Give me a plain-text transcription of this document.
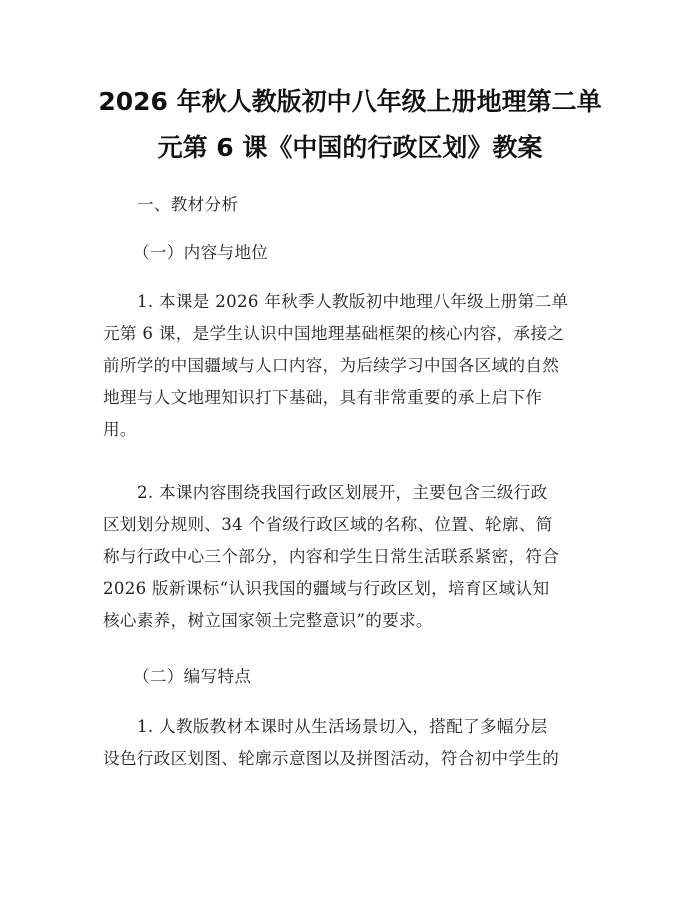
2026 年秋人教版初中八年级上册地理第二单
元第 6 课《中国的行政区划》教案
一、教材分析
（一）内容与地位
1. 本课是 2026 年秋季人教版初中地理八年级上册第二单
元第 6 课，是学生认识中国地理基础框架的核心内容，承接之
前所学的中国疆域与人口内容，为后续学习中国各区域的自然
地理与人文地理知识打下基础，具有非常重要的承上启下作
用。
2. 本课内容围绕我国行政区划展开，主要包含三级行政
区划划分规则、34 个省级行政区域的名称、位置、轮廓、简
称与行政中心三个部分，内容和学生日常生活联系紧密，符合
2026 版新课标“认识我国的疆域与行政区划，培育区域认知
核心素养，树立国家领土完整意识”的要求。
（二）编写特点
1. 人教版教材本课时从生活场景切入，搭配了多幅分层
设色行政区划图、轮廓示意图以及拼图活动，符合初中学生的
